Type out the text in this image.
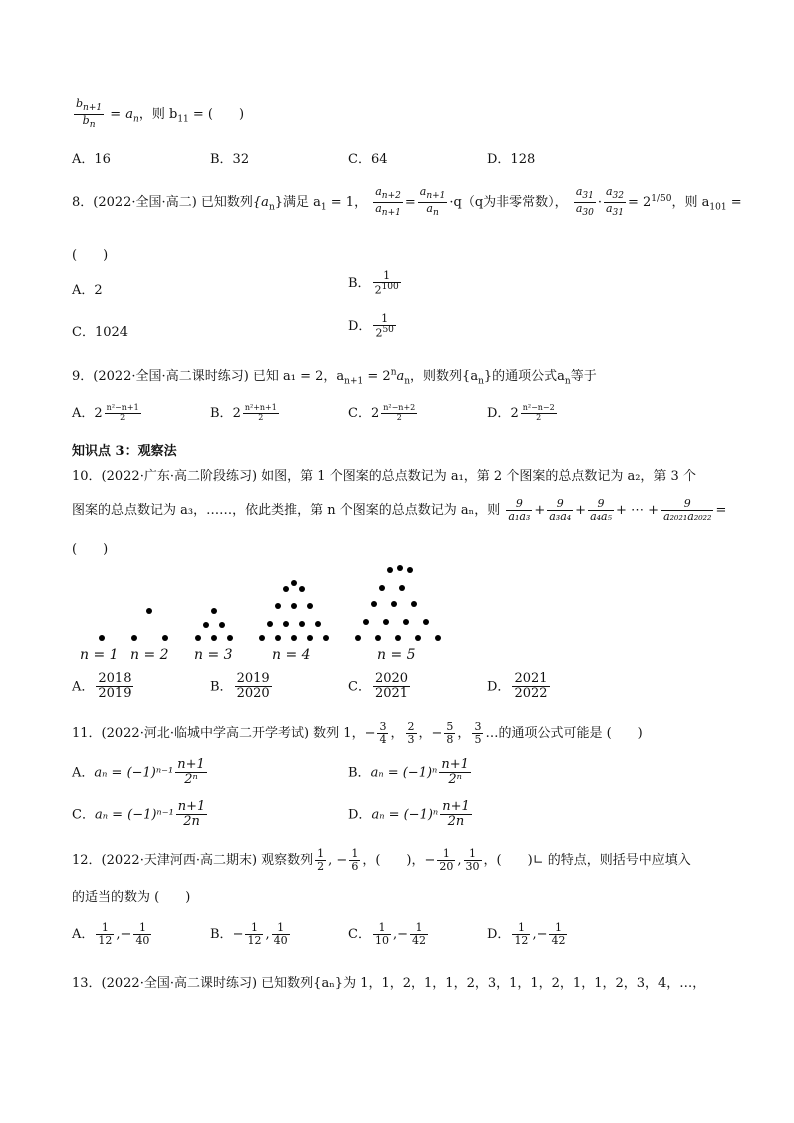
$\frac{b_{n+1}}{b_n} = a_n$，则 $b_{11}$ = (　　)
A．16	B．32	C．64	D．128
8．(2022·全国·高二) 已知数列$\{a_n\}$满足 $a_1 = 1$， $\frac{a_{n+2}}{a_{n+1}} = \frac{a_{n+1}}{a_n} \cdot q(q$为非零常数）， $\frac{a_{31}}{a_{30}} \cdot \frac{a_{32}}{a_{31}} = 2^{1/50}$，则 $a_{101}$ =
(　　)
A．2	B． $\frac{1}{2^{100}}$
C．1024	D． $\frac{1}{2^{50}}$
9．(2022·全国·高二课时练习) 已知 a₁ = 2，$a_{n+1} = 2^na_n$，则数列$\{a_n\}$的通项公式$a_n$等于
A．$2 \frac{\text{n²−n+1}}{2}$	B．$2 \frac{\text{n²+n+1}}{2}$	C．$2 \frac{\text{n²−n+2}}{2}$	D．$2 \frac{\text{n²−n−2}}{2}$
知识点 3：观察法
10．(2022·广东·高二阶段练习) 如图，第 1 个图案的总点数记为 a₁，第 2 个图案的总点数记为 a₂，第 3 个
图案的总点数记为 a₃，……，依此类推，第 n 个图案的总点数记为 aₙ，则 $\frac{9}{\text{a₁a₃}} + \frac{9}{\text{a₃a₄}} + \frac{9}{\text{a₄a₅}}$ + ⋯ + $\frac{9}{\text{a₂₀₂₁a₂₀₂₂}}$ =
(　　)
n = 1 n = 2 n = 3	n = 4	n = 5
A． $\frac{2018}{2019}$	B． $\frac{2019}{2020}$	C． $\frac{2020}{2021}$	D． $\frac{2021}{2022}$
11．(2022·河北·临城中学高二开学考试) 数列 1，− $\frac{3}{4}$ ， $\frac{2}{3}$ ，− $\frac{5}{8}$ ， $\frac{3}{5}$ …的通项公式可能是 (　　)
A．$a_n = (-1)^{n-1} \frac{n+1}{\text{2ⁿ}}$	B．$a_n = (-1)^n \frac{n+1}{\text{2ⁿ}}$
C．$a_n = (-1)^{n-1} \frac{n+1}{2n}$	D．$a_n = (-1)^n \frac{n+1}{2n}$
12．(2022·天津河西·高二期末) 观察数列 $\frac{1}{2}$ , − $\frac{1}{6}$ ，(　　)，− $\frac{1}{20}$ , $\frac{1}{30}$ ，(　　)∟ 的特点，则括号中应填入
的适当的数为 (　　)
A． $\frac{1}{12}$ ,− $\frac{1}{40}$	B．− $\frac{1}{12}$ , $\frac{1}{40}$	C． $\frac{1}{10}$ ,− $\frac{1}{42}$	D． $\frac{1}{12}$ ,− $\frac{1}{42}$
13．(2022·全国·高二课时练习) 已知数列{aₙ}为 1，1，2，1，1，2，3，1，1，2，1，1，2，3，4，…，
